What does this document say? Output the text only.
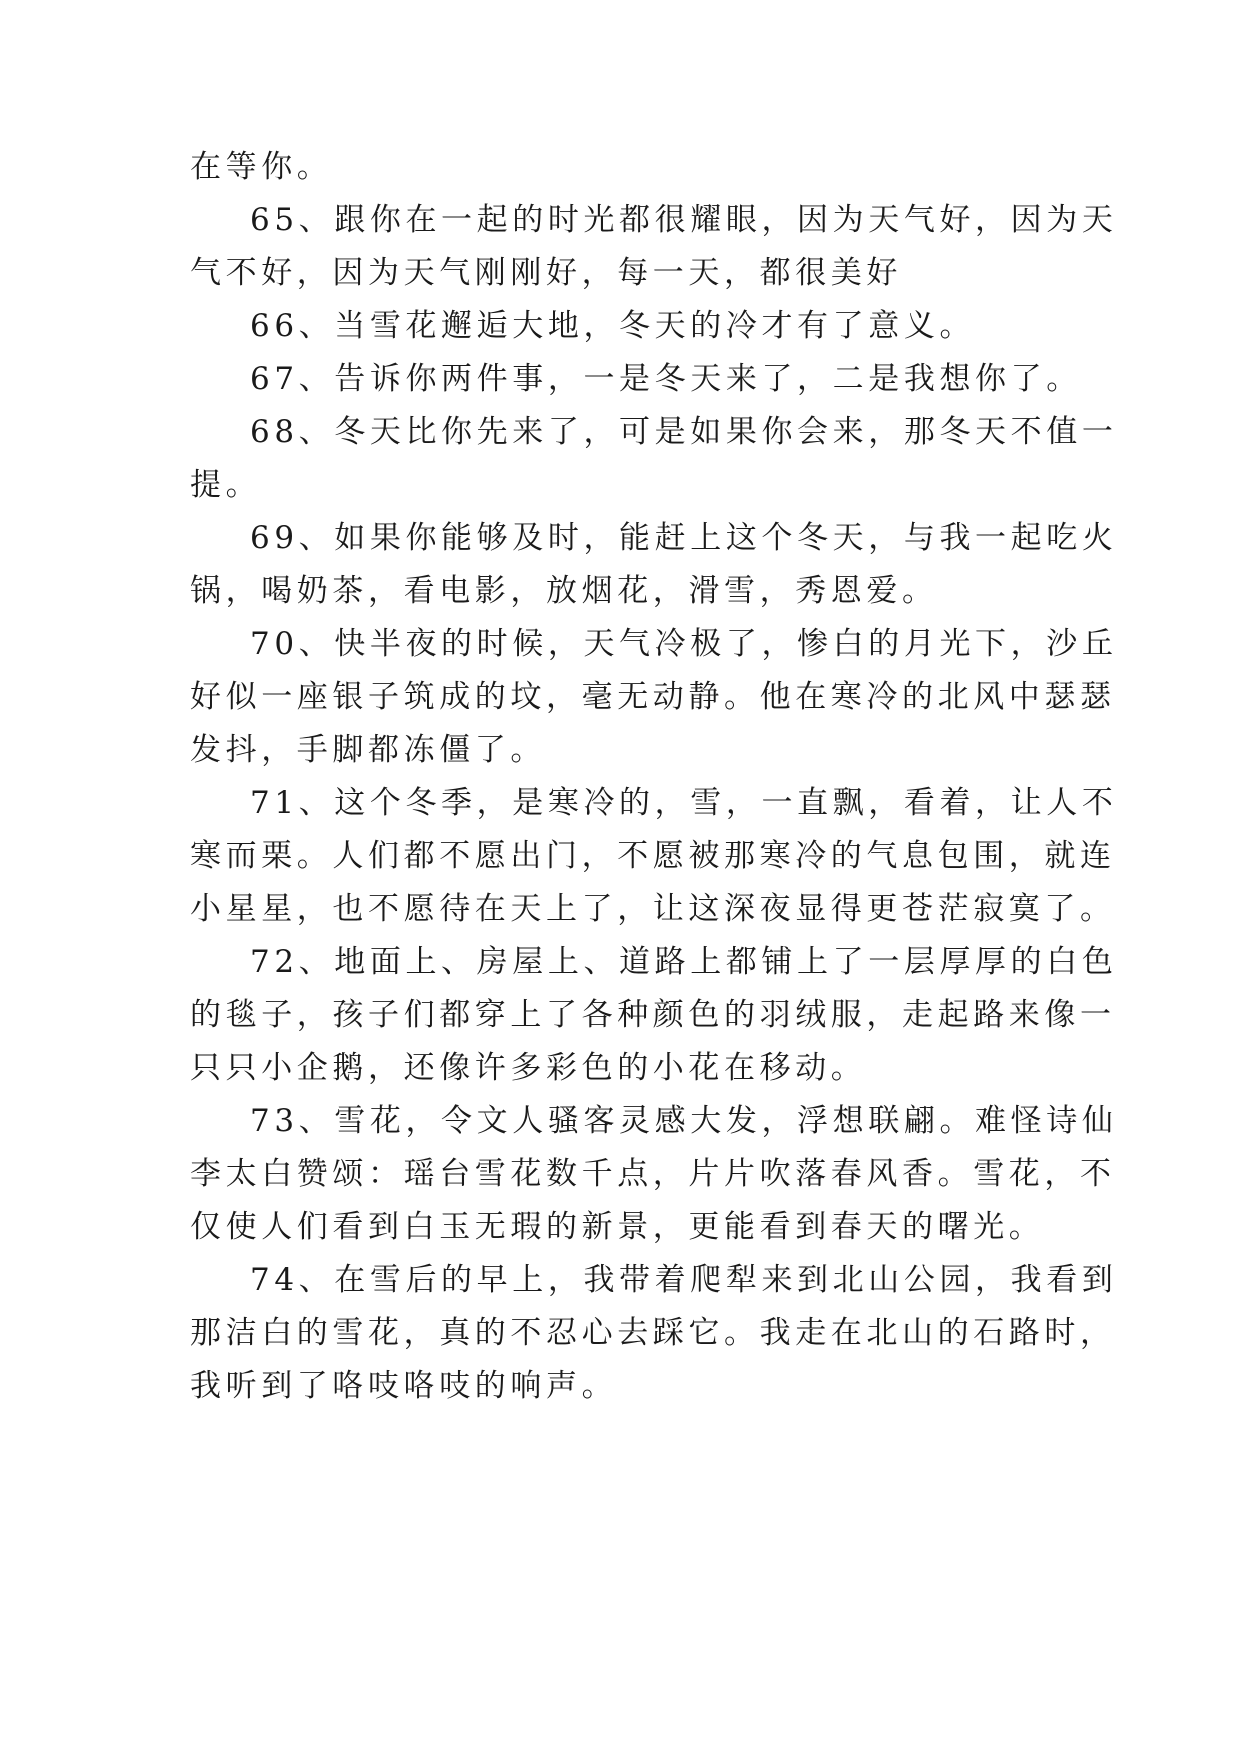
在等你。
65、跟你在一起的时光都很耀眼，因为天气好，因为天
气不好，因为天气刚刚好，每一天，都很美好
66、当雪花邂逅大地，冬天的冷才有了意义。
67、告诉你两件事，一是冬天来了，二是我想你了。
68、冬天比你先来了，可是如果你会来，那冬天不值一
提。
69、如果你能够及时，能赶上这个冬天，与我一起吃火
锅，喝奶茶，看电影，放烟花，滑雪，秀恩爱。
70、快半夜的时候，天气冷极了，惨白的月光下，沙丘
好似一座银子筑成的坟，毫无动静。他在寒冷的北风中瑟瑟
发抖，手脚都冻僵了。
71、这个冬季，是寒冷的，雪，一直飘，看着，让人不
寒而栗。人们都不愿出门，不愿被那寒冷的气息包围，就连
小星星，也不愿待在天上了，让这深夜显得更苍茫寂寞了。
72、地面上、房屋上、道路上都铺上了一层厚厚的白色
的毯子，孩子们都穿上了各种颜色的羽绒服，走起路来像一
只只小企鹅，还像许多彩色的小花在移动。
73、雪花，令文人骚客灵感大发，浮想联翩。难怪诗仙
李太白赞颂：瑶台雪花数千点，片片吹落春风香。雪花，不
仅使人们看到白玉无瑕的新景，更能看到春天的曙光。
74、在雪后的早上，我带着爬犁来到北山公园，我看到
那洁白的雪花，真的不忍心去踩它。我走在北山的石路时，
我听到了咯吱咯吱的响声。
